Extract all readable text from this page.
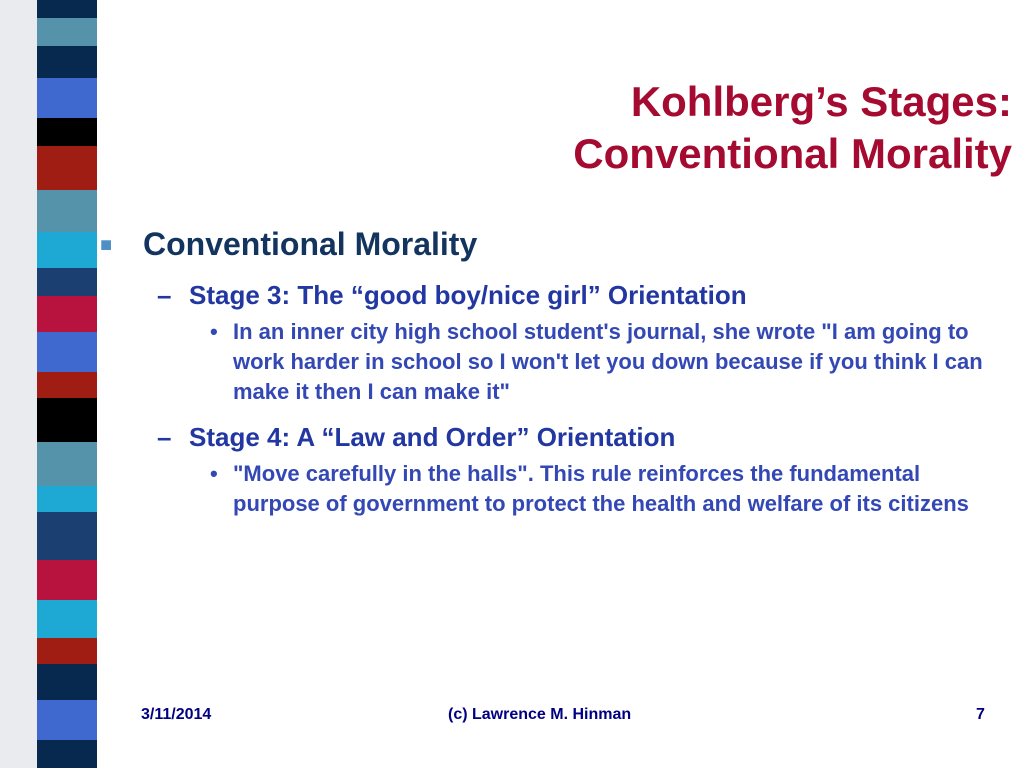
Kohlberg’s Stages:
Conventional Morality
■ Conventional Morality
– Stage 3: The “good boy/nice girl” Orientation
• In an inner city high school student's journal, she wrote "I am going to work harder in school so I won't let you down because if you think I can make it then I can make it"
– Stage 4: A “Law and Order” Orientation
• "Move carefully in the halls". This rule reinforces the fundamental purpose of government to protect the health and welfare of its citizens
3/11/2014	(c) Lawrence M. Hinman	7
